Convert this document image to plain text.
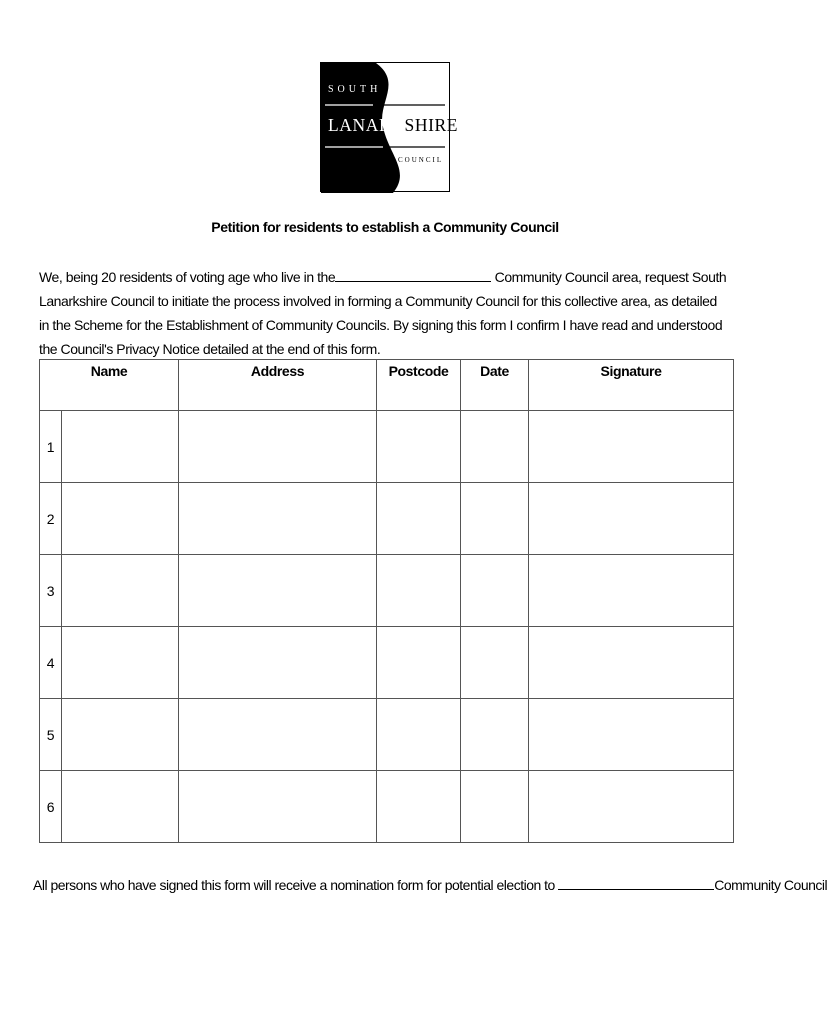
SOUTH
LANARKSHIRE
COUNCIL
Petition for residents to establish a Community Council
We, being 20 residents of voting age who live in the	Community Council area, request South Lanarkshire Council to initiate the process involved in forming a Community Council for this collective area, as detailed in the Scheme for the Establishment of Community Councils. By signing this form I confirm I have read and understood the Council's Privacy Notice detailed at the end of this form.
Name		Address	Postcode	Date	Signature
1					
2					
3					
4					
5					
6					
All persons who have signed this form will receive a nomination form for potential election to	Community Council
